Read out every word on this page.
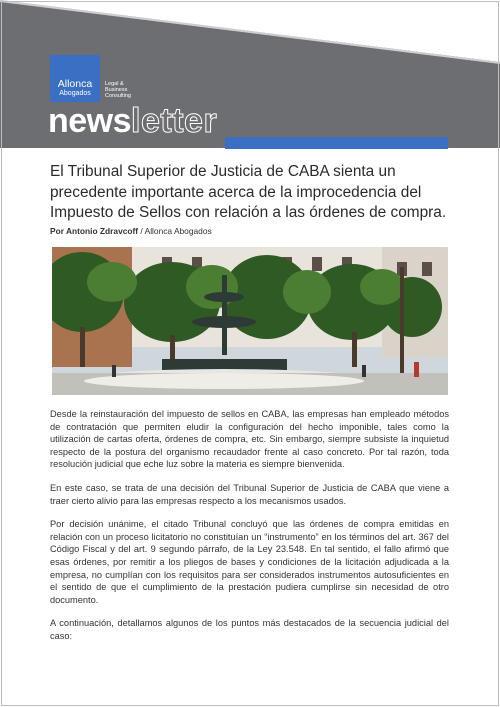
Septiembre 2022 / Nº1
Allonca
Abogados
Legal & Business Consulting
newsletter
El Tribunal Superior de Justicia de CABA sienta un precedente importante acerca de la improcedencia del Impuesto de Sellos con relación a las órdenes de compra.
Por Antonio Zdravcoff / Allonca Abogados

Desde la reinstauración del impuesto de sellos en CABA, las empresas han empleado métodos de contratación que permiten eludir la configuración del hecho imponible, tales como la utilización de cartas oferta, órdenes de compra, etc. Sin embargo, siempre subsiste la inquietud respecto de la postura del organismo recaudador frente al caso concreto. Por tal razón, toda resolución judicial que eche luz sobre la materia es siempre bienvenida.

En este caso, se trata de una decisión del Tribunal Superior de Justicia de CABA que viene a traer cierto alivio para las empresas respecto a los mecanismos usados.

Por decisión unánime, el citado Tribunal concluyó que las órdenes de compra emitidas en relación con un proceso licitatorio no constituían un “instrumento” en los términos del art. 367 del Código Fiscal y del art. 9 segundo párrafo, de la Ley 23.548. En tal sentido, el fallo afirmó que esas órdenes, por remitir a los pliegos de bases y condiciones de la licitación adjudicada a la empresa, no cumplían con los requisitos para ser considerados instrumentos autosuficientes en el sentido de que el cumplimiento de la prestación pudiera cumplirse sin necesidad de otro documento.

A continuación, detallamos algunos de los puntos más destacados de la secuencia judicial del caso:
